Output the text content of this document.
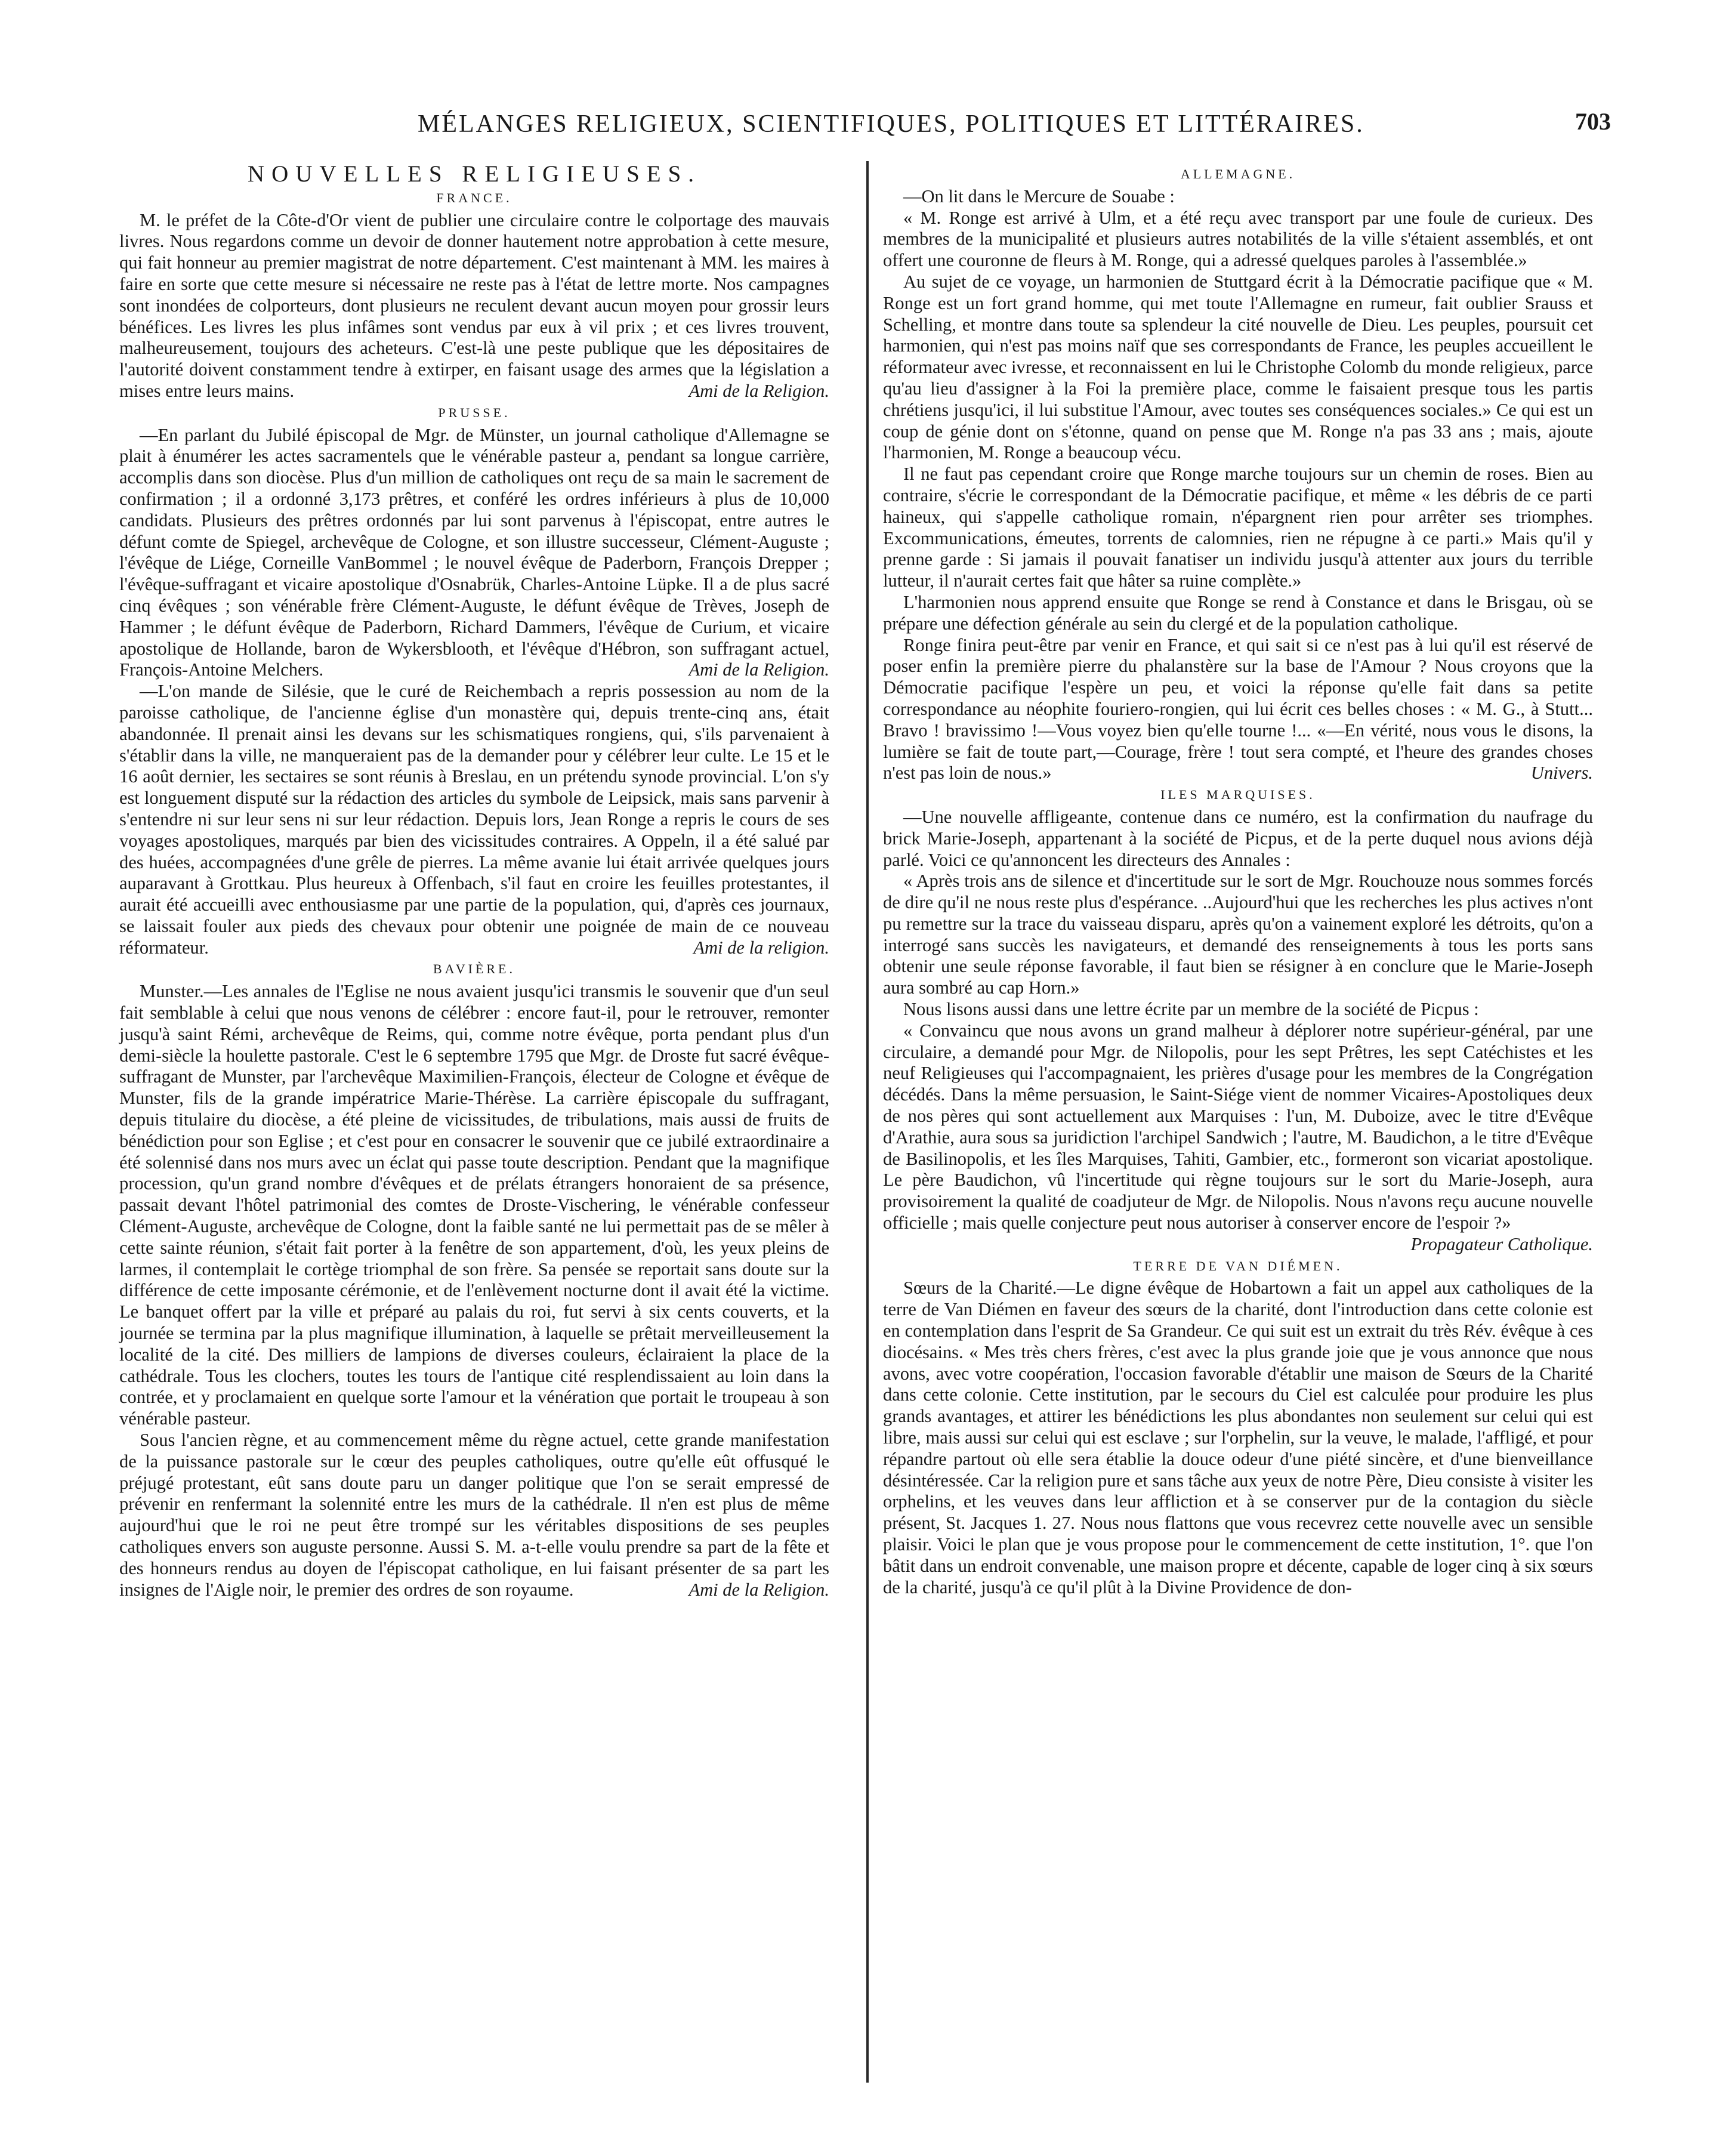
MÉLANGES RELIGIEUX, SCIENTIFIQUES, POLITIQUES ET LITTÉRAIRES.	703
NOUVELLES RELIGIEUSES.
FRANCE.

M. le préfet de la Côte-d'Or vient de publier une circulaire contre le colportage des mauvais livres. Nous regardons comme un devoir de donner hautement notre approbation à cette mesure, qui fait honneur au premier magistrat de notre département. C'est maintenant à MM. les maires à faire en sorte que cette mesure si nécessaire ne reste pas à l'état de lettre morte. Nos campagnes sont inondées de colporteurs, dont plusieurs ne reculent devant aucun moyen pour grossir leurs bénéfices. Les livres les plus infâmes sont vendus par eux à vil prix ; et ces livres trouvent, malheureusement, toujours des acheteurs. C'est-là une peste publique que les dépositaires de l'autorité doivent constamment tendre à extirper, en faisant usage des armes que la législation a mises entre leurs mains.	Ami de la Religion.

PRUSSE.

—En parlant du Jubilé épiscopal de Mgr. de Münster, un journal catholique d'Allemagne se plait à énumérer les actes sacramentels que le vénérable pasteur a, pendant sa longue carrière, accomplis dans son diocèse. Plus d'un million de catholiques ont reçu de sa main le sacrement de confirmation ; il a ordonné 3,173 prêtres, et conféré les ordres inférieurs à plus de 10,000 candidats. Plusieurs des prêtres ordonnés par lui sont parvenus à l'épiscopat, entre autres le défunt comte de Spiegel, archevêque de Cologne, et son illustre successeur, Clément-Auguste ; l'évêque de Liége, Corneille VanBommel ; le nouvel évêque de Paderborn, François Drepper ; l'évêque-suffragant et vicaire apostolique d'Osnabrük, Charles-Antoine Lüpke. Il a de plus sacré cinq évêques ; son vénérable frère Clément-Auguste, le défunt évêque de Trèves, Joseph de Hammer ; le défunt évêque de Paderborn, Richard Dammers, l'évêque de Curium, et vicaire apostolique de Hollande, baron de Wykersblooth, et l'évêque d'Hébron, son suffragant actuel, François-Antoine Melchers.	Ami de la Religion.

—L'on mande de Silésie, que le curé de Reichembach a repris possession au nom de la paroisse catholique, de l'ancienne église d'un monastère qui, depuis trente-cinq ans, était abandonnée. Il prenait ainsi les devans sur les schismatiques rongiens, qui, s'ils parvenaient à s'établir dans la ville, ne manqueraient pas de la demander pour y célébrer leur culte. Le 15 et le 16 août dernier, les sectaires se sont réunis à Breslau, en un prétendu synode provincial. L'on s'y est longuement disputé sur la rédaction des articles du symbole de Leipsick, mais sans parvenir à s'entendre ni sur leur sens ni sur leur rédaction. Depuis lors, Jean Ronge a repris le cours de ses voyages apostoliques, marqués par bien des vicissitudes contraires. A Oppeln, il a été salué par des huées, accompagnées d'une grêle de pierres. La même avanie lui était arrivée quelques jours auparavant à Grottkau. Plus heureux à Offenbach, s'il faut en croire les feuilles protestantes, il aurait été accueilli avec enthousiasme par une partie de la population, qui, d'après ces journaux, se laissait fouler aux pieds des chevaux pour obtenir une poignée de main de ce nouveau réformateur.	Ami de la religion.

BAVIÈRE.

Munster.—Les annales de l'Eglise ne nous avaient jusqu'ici transmis le souvenir que d'un seul fait semblable à celui que nous venons de célébrer : encore faut-il, pour le retrouver, remonter jusqu'à saint Rémi, archevêque de Reims, qui, comme notre évêque, porta pendant plus d'un demi-siècle la houlette pastorale. C'est le 6 septembre 1795 que Mgr. de Droste fut sacré évêque-suffragant de Munster, par l'archevêque Maximilien-François, électeur de Cologne et évêque de Munster, fils de la grande impératrice Marie-Thérèse. La carrière épiscopale du suffragant, depuis titulaire du diocèse, a été pleine de vicissitudes, de tribulations, mais aussi de fruits de bénédiction pour son Eglise ; et c'est pour en consacrer le souvenir que ce jubilé extraordinaire a été solennisé dans nos murs avec un éclat qui passe toute description. Pendant que la magnifique procession, qu'un grand nombre d'évêques et de prélats étrangers honoraient de sa présence, passait devant l'hôtel patrimonial des comtes de Droste-Vischering, le vénérable confesseur Clément-Auguste, archevêque de Cologne, dont la faible santé ne lui permettait pas de se mêler à cette sainte réunion, s'était fait porter à la fenêtre de son appartement, d'où, les yeux pleins de larmes, il contemplait le cortège triomphal de son frère. Sa pensée se reportait sans doute sur la différence de cette imposante cérémonie, et de l'enlèvement nocturne dont il avait été la victime. Le banquet offert par la ville et préparé au palais du roi, fut servi à six cents couverts, et la journée se termina par la plus magnifique illumination, à laquelle se prêtait merveilleusement la localité de la cité. Des milliers de lampions de diverses couleurs, éclairaient la place de la cathédrale. Tous les clochers, toutes les tours de l'antique cité resplendissaient au loin dans la contrée, et y proclamaient en quelque sorte l'amour et la vénération que portait le troupeau à son vénérable pasteur.

Sous l'ancien règne, et au commencement même du règne actuel, cette grande manifestation de la puissance pastorale sur le cœur des peuples catholiques, outre qu'elle eût offusqué le préjugé protestant, eût sans doute paru un danger politique que l'on se serait empressé de prévenir en renfermant la solennité entre les murs de la cathédrale. Il n'en est plus de même aujourd'hui que le roi ne peut être trompé sur les véritables dispositions de ses peuples catholiques envers son auguste personne. Aussi S. M. a-t-elle voulu prendre sa part de la fête et des honneurs rendus au doyen de l'épiscopat catholique, en lui faisant présenter de sa part les insignes de l'Aigle noir, le premier des ordres de son royaume.	Ami de la Religion.

ALLEMAGNE.

—On lit dans le Mercure de Souabe :

« M. Ronge est arrivé à Ulm, et a été reçu avec transport par une foule de curieux. Des membres de la municipalité et plusieurs autres notabilités de la ville s'étaient assemblés, et ont offert une couronne de fleurs à M. Ronge, qui a adressé quelques paroles à l'assemblée.»

Au sujet de ce voyage, un harmonien de Stuttgard écrit à la Démocratie pacifique que « M. Ronge est un fort grand homme, qui met toute l'Allemagne en rumeur, fait oublier Srauss et Schelling, et montre dans toute sa splendeur la cité nouvelle de Dieu. Les peuples, poursuit cet harmonien, qui n'est pas moins naïf que ses correspondants de France, les peuples accueillent le réformateur avec ivresse, et reconnaissent en lui le Christophe Colomb du monde religieux, parce qu'au lieu d'assigner à la Foi la première place, comme le faisaient presque tous les partis chrétiens jusqu'ici, il lui substitue l'Amour, avec toutes ses conséquences sociales.» Ce qui est un coup de génie dont on s'étonne, quand on pense que M. Ronge n'a pas 33 ans ; mais, ajoute l'harmonien, M. Ronge a beaucoup vécu.

Il ne faut pas cependant croire que Ronge marche toujours sur un chemin de roses. Bien au contraire, s'écrie le correspondant de la Démocratie pacifique, et même « les débris de ce parti haineux, qui s'appelle catholique romain, n'épargnent rien pour arrêter ses triomphes. Excommunications, émeutes, torrents de calomnies, rien ne répugne à ce parti.» Mais qu'il y prenne garde : Si jamais il pouvait fanatiser un individu jusqu'à attenter aux jours du terrible lutteur, il n'aurait certes fait que hâter sa ruine complète.»

L'harmonien nous apprend ensuite que Ronge se rend à Constance et dans le Brisgau, où se prépare une défection générale au sein du clergé et de la population catholique.

Ronge finira peut-être par venir en France, et qui sait si ce n'est pas à lui qu'il est réservé de poser enfin la première pierre du phalanstère sur la base de l'Amour ? Nous croyons que la Démocratie pacifique l'espère un peu, et voici la réponse qu'elle fait dans sa petite correspondance au néophite fouriero-rongien, qui lui écrit ces belles choses : « M. G., à Stutt... Bravo ! bravissimo !—Vous voyez bien qu'elle tourne !... «—En vérité, nous vous le disons, la lumière se fait de toute part,—Courage, frère ! tout sera compté, et l'heure des grandes choses n'est pas loin de nous.»	Univers.

ILES MARQUISES.

—Une nouvelle affligeante, contenue dans ce numéro, est la confirmation du naufrage du brick Marie-Joseph, appartenant à la société de Picpus, et de la perte duquel nous avions déjà parlé. Voici ce qu'annoncent les directeurs des Annales :

« Après trois ans de silence et d'incertitude sur le sort de Mgr. Rouchouze nous sommes forcés de dire qu'il ne nous reste plus d'espérance. ..Aujourd'hui que les recherches les plus actives n'ont pu remettre sur la trace du vaisseau disparu, après qu'on a vainement exploré les détroits, qu'on a interrogé sans succès les navigateurs, et demandé des renseignements à tous les ports sans obtenir une seule réponse favorable, il faut bien se résigner à en conclure que le Marie-Joseph aura sombré au cap Horn.»

Nous lisons aussi dans une lettre écrite par un membre de la société de Picpus :

« Convaincu que nous avons un grand malheur à déplorer notre supérieur-général, par une circulaire, a demandé pour Mgr. de Nilopolis, pour les sept Prêtres, les sept Catéchistes et les neuf Religieuses qui l'accompagnaient, les prières d'usage pour les membres de la Congrégation décédés. Dans la même persuasion, le Saint-Siége vient de nommer Vicaires-Apostoliques deux de nos pères qui sont actuellement aux Marquises : l'un, M. Duboize, avec le titre d'Evêque d'Arathie, aura sous sa juridiction l'archipel Sandwich ; l'autre, M. Baudichon, a le titre d'Evêque de Basilinopolis, et les îles Marquises, Tahiti, Gambier, etc., formeront son vicariat apostolique. Le père Baudichon, vû l'incertitude qui règne toujours sur le sort du Marie-Joseph, aura provisoirement la qualité de coadjuteur de Mgr. de Nilopolis. Nous n'avons reçu aucune nouvelle officielle ; mais quelle conjecture peut nous autoriser à conserver encore de l'espoir ?»
Propagateur Catholique.

TERRE DE VAN DIÉMEN.

Sœurs de la Charité.—Le digne évêque de Hobartown a fait un appel aux catholiques de la terre de Van Diémen en faveur des sœurs de la charité, dont l'introduction dans cette colonie est en contemplation dans l'esprit de Sa Grandeur. Ce qui suit est un extrait du très Rév. évêque à ces diocésains. « Mes très chers frères, c'est avec la plus grande joie que je vous annonce que nous avons, avec votre coopération, l'occasion favorable d'établir une maison de Sœurs de la Charité dans cette colonie. Cette institution, par le secours du Ciel est calculée pour produire les plus grands avantages, et attirer les bénédictions les plus abondantes non seulement sur celui qui est libre, mais aussi sur celui qui est esclave ; sur l'orphelin, sur la veuve, le malade, l'affligé, et pour répandre partout où elle sera établie la douce odeur d'une piété sincère, et d'une bienveillance désintéressée. Car la religion pure et sans tâche aux yeux de notre Père, Dieu consiste à visiter les orphelins, et les veuves dans leur affliction et à se conserver pur de la contagion du siècle présent, St. Jacques 1. 27. Nous nous flattons que vous recevrez cette nouvelle avec un sensible plaisir. Voici le plan que je vous propose pour le commencement de cette institution, 1°. que l'on bâtit dans un endroit convenable, une maison propre et décente, capable de loger cinq à six sœurs de la charité, jusqu'à ce qu'il plût à la Divine Providence de don-
